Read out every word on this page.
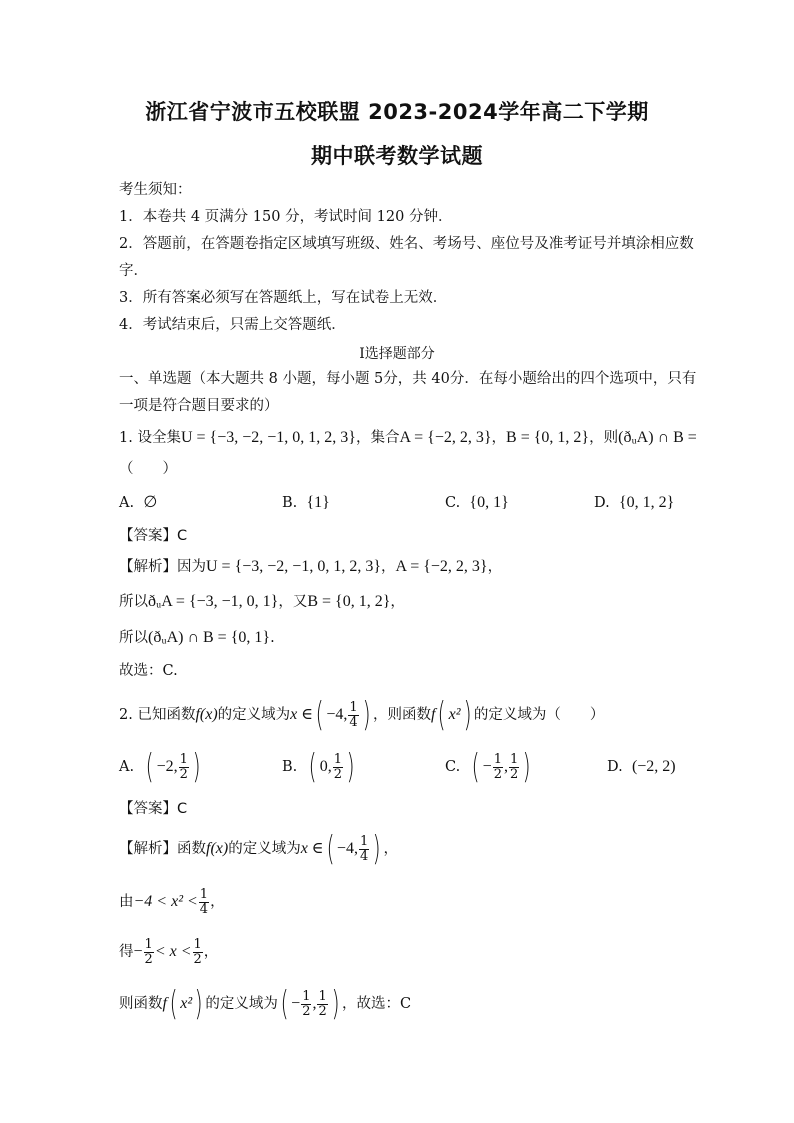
浙江省宁波市五校联盟 2023-2024学年高二下学期
期中联考数学试题
考生须知：
1．本卷共 4 页满分 150 分，考试时间 120 分钟．
2．答题前，在答题卷指定区域填写班级、姓名、考场号、座位号及准考证号并填涂相应数
字．
3．所有答案必须写在答题纸上，写在试卷上无效．
4．考试结束后，只需上交答题纸．
Ⅰ选择题部分
一、单选题（本大题共 8 小题，每小题 5分，共 40分．在每小题给出的四个选项中，只有
一项是符合题目要求的）
1. 设全集U = {−3, −2, −1, 0, 1, 2, 3}，集合A = {−2, 2, 3}，B = {0, 1, 2}，则(ðᵤA) ∩ B =
（　　）
A. ∅	B. {1}	C. {0, 1}	D. {0, 1, 2}
【答案】C
【解析】因为U = {−3, −2, −1, 0, 1, 2, 3}，A = {−2, 2, 3}，
所以ðᵤA = {−3, −1, 0, 1}，又B = {0, 1, 2}，
所以(ðᵤA) ∩ B = {0, 1}.
故选：C.
2. 已知函数f(x)的定义域为x ∈( −4, $\frac{1}{4}$ ) ，则函数f( x²) 的定义域为（　　）
A. ( −2, $\frac{1}{2}$ )	B. ( 0, $\frac{1}{2}$ )	C. ( − $\frac{1}{2}$ , $\frac{1}{2}$ )	D. (−2, 2)
【答案】C
【解析】函数f(x)的定义域为x ∈( −4, $\frac{1}{4}$ ) ，
由$-4 < x^2 < \frac{1}{4}$ ，
得− $\frac{1}{2} < x < \frac{1}{2}$ ，
则函数f( x²) 的定义域为( − $\frac{1}{2}$ , $\frac{1}{2}$ ) ，故选：C
